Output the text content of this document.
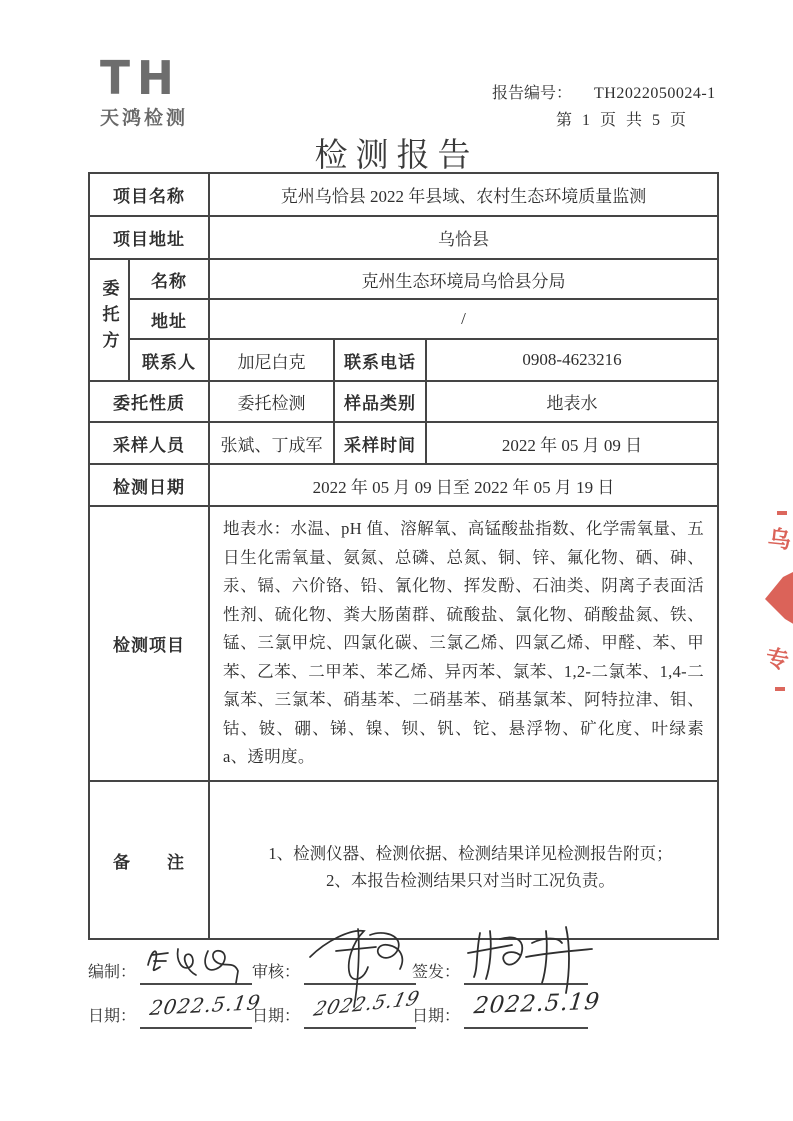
TH
天鸿检测
报告编号： TH2022050024-1
第 1 页 共 5 页
检测报告
项目名称		克州乌恰县 2022 年县域、农村生态环境质量监测		
项目地址		乌恰县		
委托方	名称	克州生态环境局乌恰县分局		
	地址	/		
	联系人	加尼白克	联系电话	0908-4623216
委托性质		委托检测	样品类别	地表水
采样人员		张斌、丁成军	采样时间	2022 年 05 月 09 日
检测日期		2022 年 05 月 09 日至 2022 年 05 月 19 日		
检测项目		地表水：水温、pH 值、溶解氧、高锰酸盐指数、化学需氧量、五日生化需氧量、氨氮、总磷、总氮、铜、锌、氟化物、硒、砷、汞、镉、六价铬、铅、氰化物、挥发酚、石油类、阴离子表面活性剂、硫化物、粪大肠菌群、硫酸盐、氯化物、硝酸盐氮、铁、锰、三氯甲烷、四氯化碳、三氯乙烯、四氯乙烯、甲醛、苯、甲苯、乙苯、二甲苯、苯乙烯、异丙苯、氯苯、1,2-二氯苯、1,4-二氯苯、三氯苯、硝基苯、二硝基苯、硝基氯苯、阿特拉津、钼、钴、铍、硼、锑、镍、钡、钒、铊、悬浮物、矿化度、叶绿素 a、透明度。		

备　　注		1、检测仪器、检测依据、检测结果详见检测报告附页；
2、本报告检测结果只对当时工况负责。		
编制：
日期： 2022.5.19
审核：
日期： 2022.5.19
签发：
日期： 2022.5.19
乌
专
